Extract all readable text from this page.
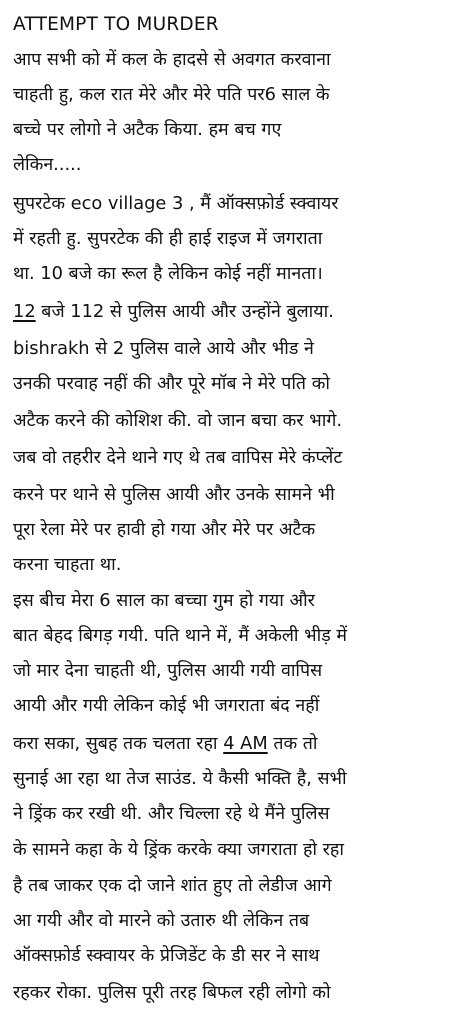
ATTEMPT TO MURDER
आप सभी को में कल के हादसे से अवगत करवाना
चाहती हु, कल रात मेरे और मेरे पति पर6 साल के
बच्चे पर लोगो ने अटैक किया. हम बच गए
लेकिन.....
सुपरटेक eco village 3 , मैं ऑक्सफ़ोर्ड स्क्वायर
में रहती हु. सुपरटेक की ही हाई राइज में जगराता
था. 10 बजे का रूल है लेकिन कोई नहीं मानता।
12 बजे 112 से पुलिस आयी और उन्होंने बुलाया.
bishrakh से 2 पुलिस वाले आये और भीड ने
उनकी परवाह नहीं की और पूरे मॉब ने मेरे पति को
अटैक करने की कोशिश की. वो जान बचा कर भागे.
जब वो तहरीर देने थाने गए थे तब वापिस मेरे कंप्लेंट
करने पर थाने से पुलिस आयी और उनके सामने भी
पूरा रेला मेरे पर हावी हो गया और मेरे पर अटैक
करना चाहता था.
इस बीच मेरा 6 साल का बच्चा गुम हो गया और
बात बेहद बिगड़ गयी. पति थाने में, मैं अकेली भीड़ में
जो मार देना चाहती थी, पुलिस आयी गयी वापिस
आयी और गयी लेकिन कोई भी जगराता बंद नहीं
करा सका, सुबह तक चलता रहा 4 AM तक तो
सुनाई आ रहा था तेज साउंड. ये कैसी भक्ति है, सभी
ने ड्रिंक कर रखी थी. और चिल्ला रहे थे मैंने पुलिस
के सामने कहा के ये ड्रिंक करके क्या जगराता हो रहा
है तब जाकर एक दो जाने शांत हुए तो लेडीज आगे
आ गयी और वो मारने को उतारु थी लेकिन तब
ऑक्सफ़ोर्ड स्क्वायर के प्रेजिडेंट के डी सर ने साथ
रहकर रोका. पुलिस पूरी तरह बिफल रही लोगो को
